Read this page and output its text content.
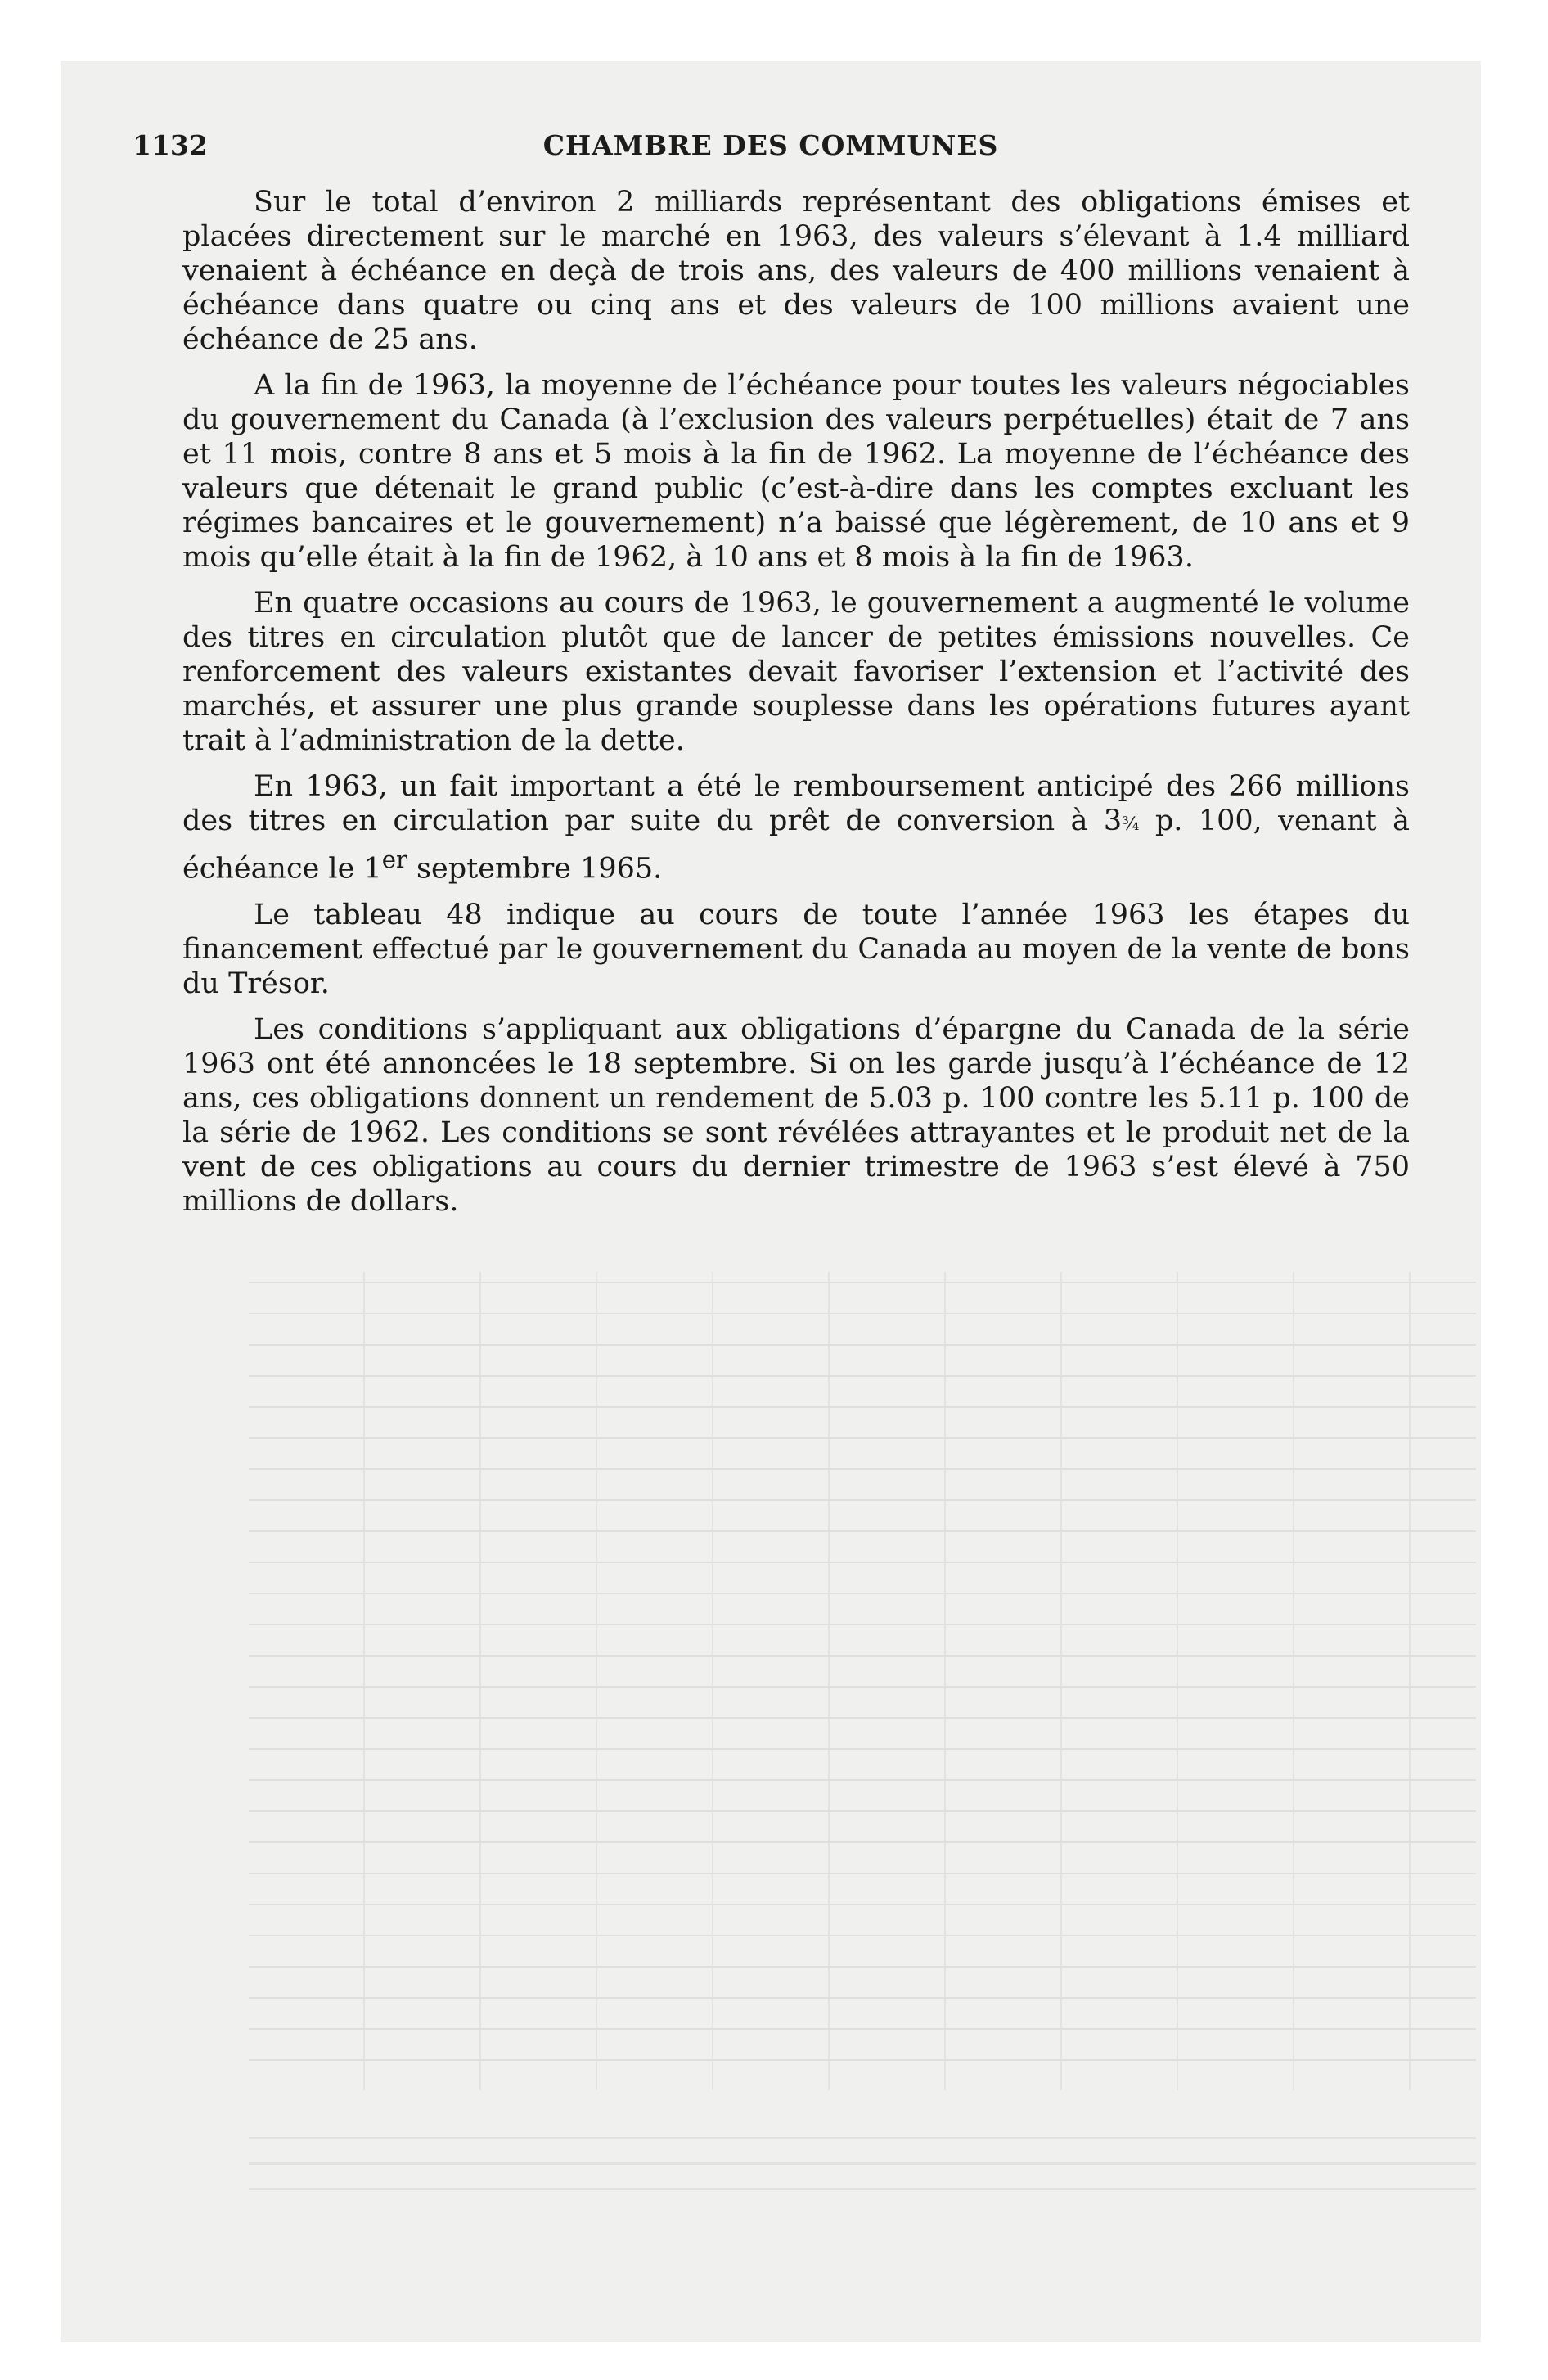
1132	CHAMBRE DES COMMUNES

Sur le total d’environ 2 milliards représentant des obligations émises et placées directement sur le marché en 1963, des valeurs s’élevant à 1.4 milliard venaient à échéance en deçà de trois ans, des valeurs de 400 millions venaient à échéance dans quatre ou cinq ans et des valeurs de 100 millions avaient une échéance de 25 ans.

A la fin de 1963, la moyenne de l’échéance pour toutes les valeurs négociables du gouvernement du Canada (à l’exclusion des valeurs perpétuelles) était de 7 ans et 11 mois, contre 8 ans et 5 mois à la fin de 1962. La moyenne de l’échéance des valeurs que détenait le grand public (c’est-à-dire dans les comptes excluant les régimes bancaires et le gouvernement) n’a baissé que légèrement, de 10 ans et 9 mois qu’elle était à la fin de 1962, à 10 ans et 8 mois à la fin de 1963.

En quatre occasions au cours de 1963, le gouvernement a augmenté le volume des titres en circulation plutôt que de lancer de petites émissions nouvelles. Ce renforcement des valeurs existantes devait favoriser l’extension et l’activité des marchés, et assurer une plus grande souplesse dans les opérations futures ayant trait à l’administration de la dette.

En 1963, un fait important a été le remboursement anticipé des 266 millions des titres en circulation par suite du prêt de conversion à 3¾ p. 100, venant à échéance le 1er septembre 1965.

Le tableau 48 indique au cours de toute l’année 1963 les étapes du financement effectué par le gouvernement du Canada au moyen de la vente de bons du Trésor.

Les conditions s’appliquant aux obligations d’épargne du Canada de la série 1963 ont été annoncées le 18 septembre. Si on les garde jusqu’à l’échéance de 12 ans, ces obligations donnent un rendement de 5.03 p. 100 contre les 5.11 p. 100 de la série de 1962. Les conditions se sont révélées attrayantes et le produit net de la vent de ces obligations au cours du dernier trimestre de 1963 s’est élevé à 750 millions de dollars.
